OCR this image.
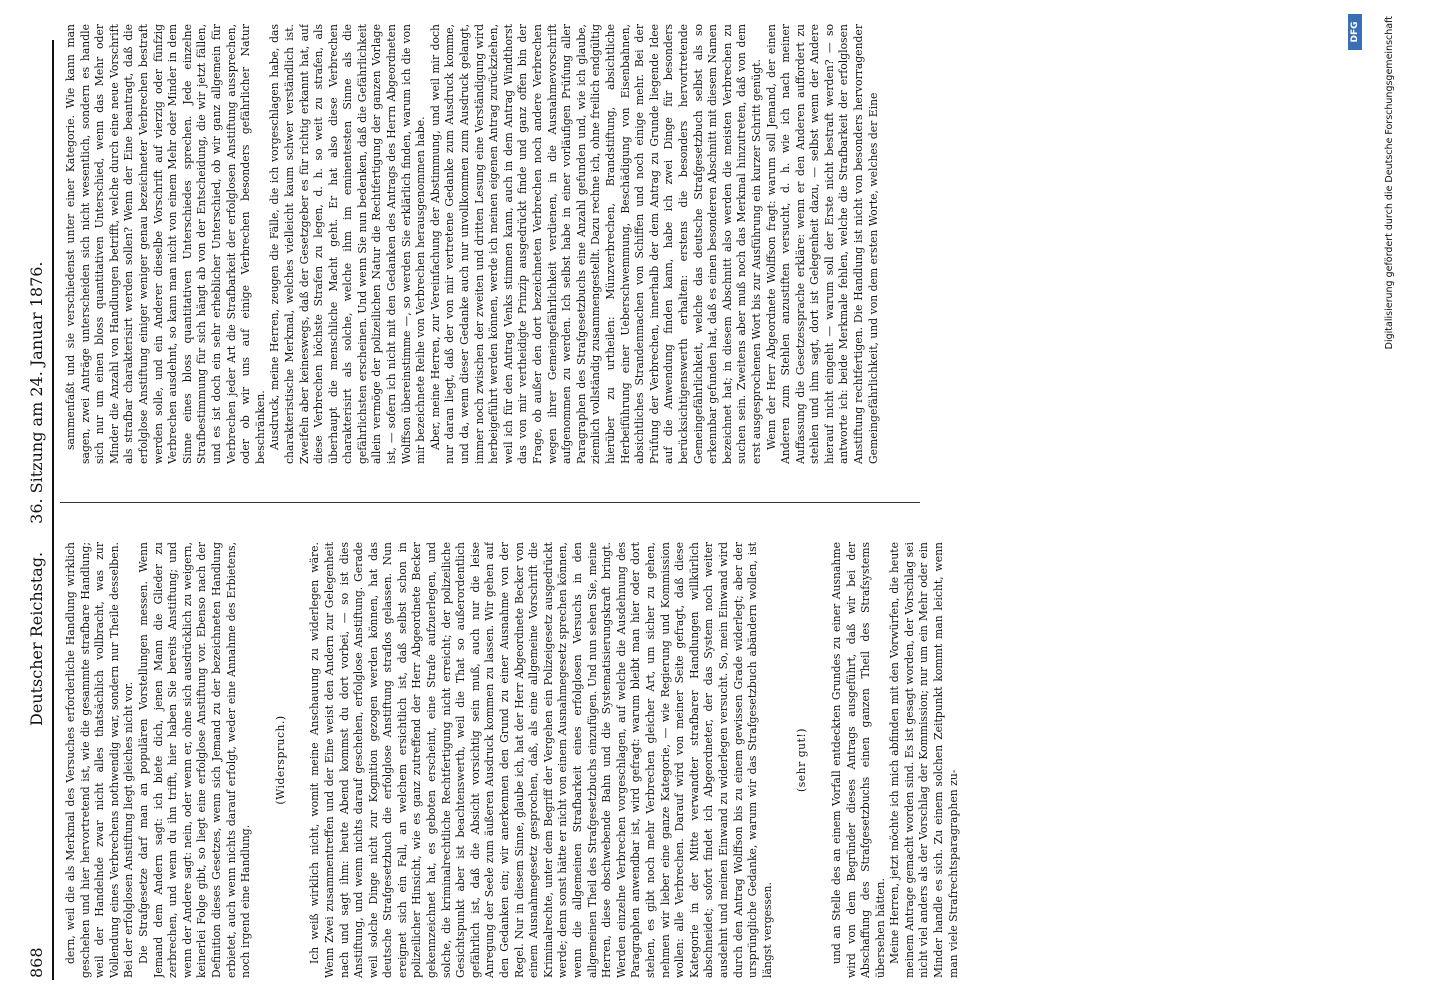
868
Deutscher Reichstag.
36. Sitzung am 24. Januar 1876.

dern, weil die als Merkmal des Versuches erforderliche Handlung wirklich geschehen und hier hervortretend ist, wie die gesammte strafbare Handlung; weil der Handelnde zwar nicht alles thatsächlich vollbracht, was zur Vollendung eines Verbrechens nothwendig war, sondern nur Theile desselben. Bei der erfolglosen Anstiftung liegt gleiches nicht vor. Die Strafgesetze darf man an populären Vorstellungen messen. Wenn Jemand dem Andern sagt: ich biete dich, jenen Mann die Glieder zu zerbrechen, und wenn du ihn trifft, hier haben Sie bereits Anstiftung; und wenn der Andere sagt: nein, oder wenn er, ohne sich ausdrücklich zu weigern, keinerlei Folge gibt, so liegt eine erfolglose Anstiftung vor. Ebenso nach der Definition dieses Gesetzes, wenn sich Jemand zu der bezeichneten Handlung erbietet, auch wenn nichts darauf erfolgt, weder eine Annahme des Erbietens, noch irgend eine Handlung.

(Widerspruch.) Ich weiß wirklich nicht, womit meine Anschauung zu widerlegen wäre. Wenn Zwei zusammentreffen und der Eine weist den Andern zur Gelegenheit nach und sagt ihm: heute Abend kommst du dort vorbei, — so ist dies Anstiftung, und wenn nichts darauf geschehen, erfolglose Anstiftung. Gerade weil solche Dinge nicht zur Kognition gezogen werden können, hat das deutsche Strafgesetzbuch die erfolglose Anstiftung straflos gelassen. Nun ereignet sich ein Fall, an welchem ersichtlich ist, daß selbst schon in polizeilicher Hinsicht, wie es ganz zutreffend der Herr Abgeordnete Becker gekennzeichnet hat, es geboten erscheint, eine Strafe aufzuerlegen, und solche, die kriminalrechtliche Rechtfertigung nicht erreicht; der polizeiliche Gesichtspunkt aber ist beachtenswerth, weil die That so außerordentlich gefährlich ist, daß die Absicht vorsichtig sein muß, auch nur die leise Anregung der Seele zum äußeren Ausdruck kommen zu lassen. Wir gehen auf den Gedanken ein; wir anerkennen den Grund zu einer Ausnahme von der Regel. Nur in diesem Sinne, glaube ich, hat der Herr Abgeordnete Becker von einem Ausnahmegesetz gesprochen, daß, als eine allgemeine Vorschrift die Kriminalrechte, unter dem Begriff der Vergehen ein Polizeigesetz ausgedrückt werde; denn sonst hätte er nicht von einem Ausnahmegesetz sprechen können, wenn die allgemeinen Strafbarkeit eines erfolglosen Versuchs in den allgemeinen Theil des Strafgesetzbuchs einzufügen. Und nun sehen Sie, meine Herren, diese obschwebende Bahn und die Systematisierungskraft bringt. Werden einzelne Verbrechen vorgeschlagen, auf welche die Ausdehnung des Paragraphen anwendbar ist, wird gefragt: warum bleibt man hier oder dort stehen, es gibt noch mehr Verbrechen gleicher Art, um sicher zu gehen, nehmen wir lieber eine ganze Kategorie, — wie Regierung und Kommission wollen: alle Verbrechen. Darauf wird von meiner Seite gefragt, daß diese Kategorie in der Mitte verwandter strafbarer Handlungen willkürlich abschneidet; sofort findet ich Abgeordneter, der das System noch weiter ausdehnt und meinen Einwand zu widerlegen versucht. So, mein Einwand wird durch den Antrag Wolffson bis zu einem gewissen Grade widerlegt; aber der ursprüngliche Gedanke, warum wir das Strafgesetzbuch abändern wollen, ist längst vergessen.

(sehr gut!) und an Stelle des an einem Vorfall entdeckten Grundes zu einer Ausnahme wird von dem Begründer dieses Antrags ausgeführt, daß wir bei der Abschaffung des Strafgesetzbuchs einen ganzen Theil des Strafsystems übersehen hätten. Meine Herren, jetzt möchte ich mich abfinden mit den Vorwürfen, die heute meinem Antrage gemacht worden sind. Es ist gesagt worden, der Vorschlag sei nicht viel anders als der Vorschlag der Kommission; nur um ein Mehr oder ein Minder handle es sich. Zu einem solchen Zeitpunkt kommt man leicht, wenn man viele Strafrechtsparagraphen zu-

sammenfaßt und sie verschiedenst unter einer Kategorie. Wie kann man sagen, zwei Anträge unterscheiden sich nicht wesentlich, sondern es handle sich nur um einen bloss quantitativen Unterschied, wenn das Mehr oder Minder die Anzahl von Handlungen betrifft, welche durch eine neue Vorschrift als strafbar charakterisirt werden sollen? Wenn der Eine beantragt, daß die erfolglose Anstiftung einiger weniger genau bezeichneter Verbrechen bestraft werden solle, und ein Anderer dieselbe Vorschrift auf vierzig oder fünfzig Verbrechen ausdehnt, so kann man nicht von einem Mehr oder Minder in dem Sinne eines bloss quantitativen Unterschiedes sprechen. Jede einzelne Strafbestimmung für sich hängt ab von der Entscheidung, die wir jetzt fällen, und es ist doch ein sehr erheblicher Unterschied, ob wir ganz allgemein für Verbrechen jeder Art die Strafbarkeit der erfolglosen Anstiftung aussprechen, oder ob wir uns auf einige Verbrechen besonders gefährlicher Natur beschränken. Ausdruck, meine Herren, zeugen die Fälle, die ich vorgeschlagen habe, das charakteristische Merkmal, welches vielleicht kaum schwer verständlich ist. Zweifeln aber keineswegs, daß der Gesetzgeber es für richtig erkannt hat, auf diese Verbrechen höchste Strafen zu legen, d. h. so weit zu strafen, als überhaupt die menschliche Macht geht. Er hat also diese Verbrechen charakterisirt als solche, welche ihm im eminentesten Sinne als die gefährlichsten erscheinen. Und wenn Sie nun bedenken, daß die Gefährlichkeit allein vermöge der polizeilichen Natur die Rechtfertigung der ganzen Vorlage ist, — sofern ich nicht mit den Gedanken des Antrags des Herrn Abgeordneten Wolffson übereinstimme —, so werden Sie erklärlich finden, warum ich die von mir bezeichnete Reihe von Verbrechen herausgenommen habe. Aber, meine Herren, zur Vereinfachung der Abstimmung, und weil mir doch nur daran liegt, daß der von mir vertretene Gedanke zum Ausdruck komme, und da, wenn dieser Gedanke auch nur unvollkommen zum Ausdruck gelangt, immer noch zwischen der zweiten und dritten Lesung eine Verständigung wird herbeigeführt werden können, werde ich meinen eigenen Antrag zurückziehen, weil ich für den Antrag Venks stimmen kann, auch in dem Antrag Windthorst das von mir vertheidigte Prinzip ausgedrückt finde und ganz offen bin der Frage, ob außer den dort bezeichneten Verbrechen noch andere Verbrechen wegen ihrer Gemeingefährlichkeit verdienen, in die Ausnahmevorschrift aufgenommen zu werden. Ich selbst habe in einer vorläufigen Prüfung aller Paragraphen des Strafgesetzbuchs eine Anzahl gefunden und, wie ich glaube, ziemlich vollständig zusammengestellt. Dazu rechne ich, ohne freilich endgültig hierüber zu urtheilen: Münzverbrechen, Brandstiftung, absichtliche Herbeiführung einer Ueberschwemmung, Beschädigung von Eisenbahnen, absichtliches Strandenmachen von Schiffen und noch einige mehr. Bei der Prüfung der Verbrechen, innerhalb der dem Antrag zu Grunde liegende Idee auf die Anwendung finden kann, habe ich zwei Dinge für besonders berücksichtigenswerth erhalten: erstens die besonders hervortretende Gemeingefährlichkeit, welche das deutsche Strafgesetzbuch selbst als so erkennbar gefunden hat, daß es einen besonderen Abschnitt mit diesem Namen bezeichnet hat; in diesem Abschnitt also werden die meisten Verbrechen zu suchen sein. Zweitens aber muß noch das Merkmal hinzutreten, daß von dem erst ausgesprochenen Wort bis zur Ausführung ein kurzer Schritt genügt. Wenn der Herr Abgeordnete Wolffson fragt: warum soll Jemand, der einen Anderen zum Stehlen anzustiften versucht, d. h. wie ich nach meiner Auffassung die Gesetzessprache erkläre: wenn er den Anderen auffordert zu stehlen und ihm sagt, dort ist Gelegenheit dazu, — selbst wenn der Andere hierauf nicht eingeht — warum soll der Erste nicht bestraft werden? — so antworte ich: beide Merkmale fehlen, welche die Strafbarkeit der erfolglosen Anstiftung rechtfertigen. Die Handlung ist nicht von besonders hervorragender Gemeingefährlichkeit, und von dem ersten Worte, welches der Eine

DFG	Digitalisierung gefördert durch die Deutsche Forschungsgemeinschaft
